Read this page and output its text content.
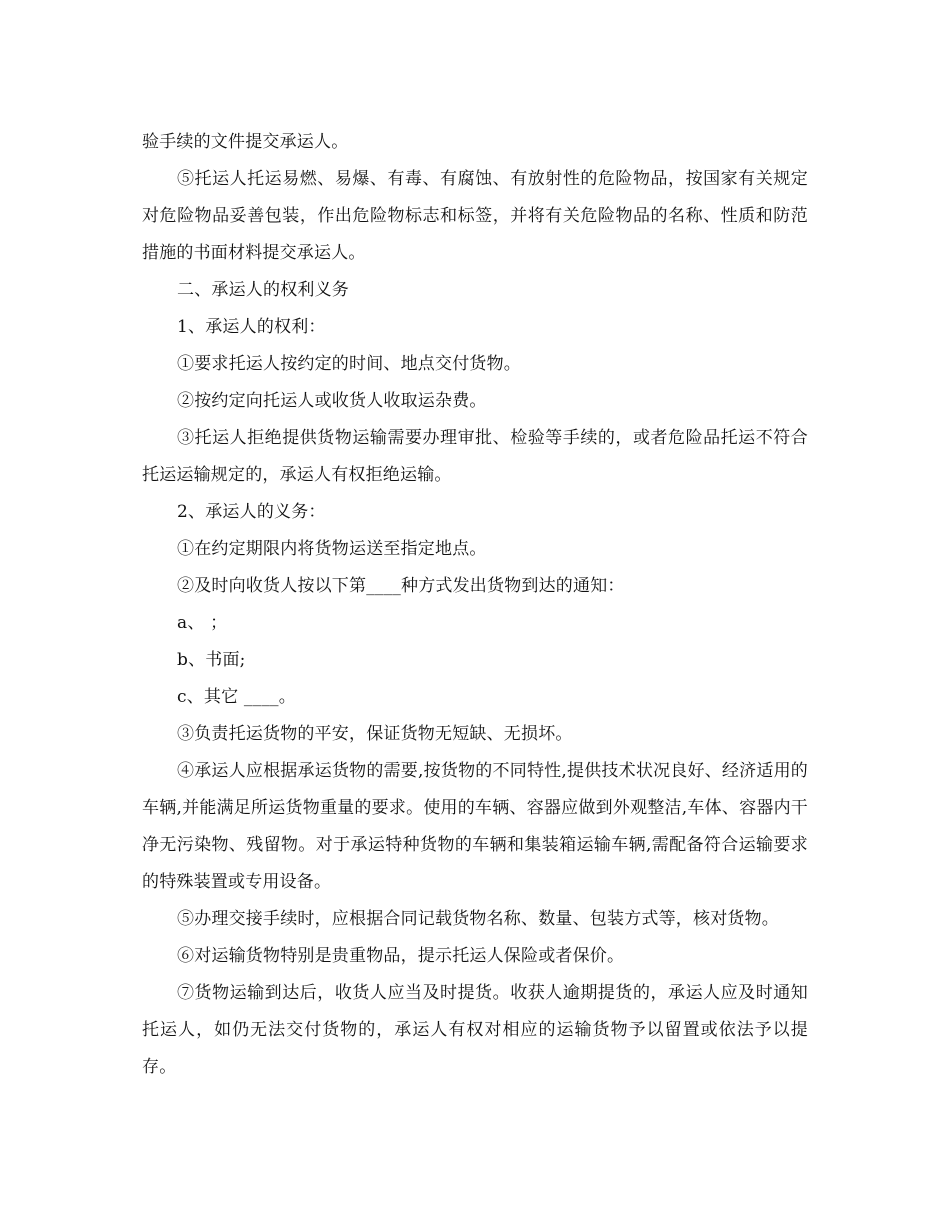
验手续的文件提交承运人。

⑤托运人托运易燃、易爆、有毒、有腐蚀、有放射性的危险物品，按国家有关规定对危险物品妥善包装，作出危险物标志和标签，并将有关危险物品的名称、性质和防范措施的书面材料提交承运人。

二、承运人的权利义务

1、承运人的权利：

①要求托运人按约定的时间、地点交付货物。

②按约定向托运人或收货人收取运杂费。

③托运人拒绝提供货物运输需要办理审批、检验等手续的，或者危险品托运不符合托运运输规定的，承运人有权拒绝运输。

2、承运人的义务：

①在约定期限内将货物运送至指定地点。

②及时向收货人按以下第____种方式发出货物到达的通知：

a、 ；

b、书面;

c、其它 ____。

③负责托运货物的平安，保证货物无短缺、无损坏。

④承运人应根据承运货物的需要,按货物的不同特性,提供技术状况良好、经济适用的车辆,并能满足所运货物重量的要求。使用的车辆、容器应做到外观整洁,车体、容器内干净无污染物、残留物。对于承运特种货物的车辆和集装箱运输车辆,需配备符合运输要求的特殊装置或专用设备。

⑤办理交接手续时，应根据合同记载货物名称、数量、包装方式等，核对货物。

⑥对运输货物特别是贵重物品，提示托运人保险或者保价。

⑦货物运输到达后，收货人应当及时提货。收获人逾期提货的，承运人应及时通知托运人，如仍无法交付货物的，承运人有权对相应的运输货物予以留置或依法予以提存。
